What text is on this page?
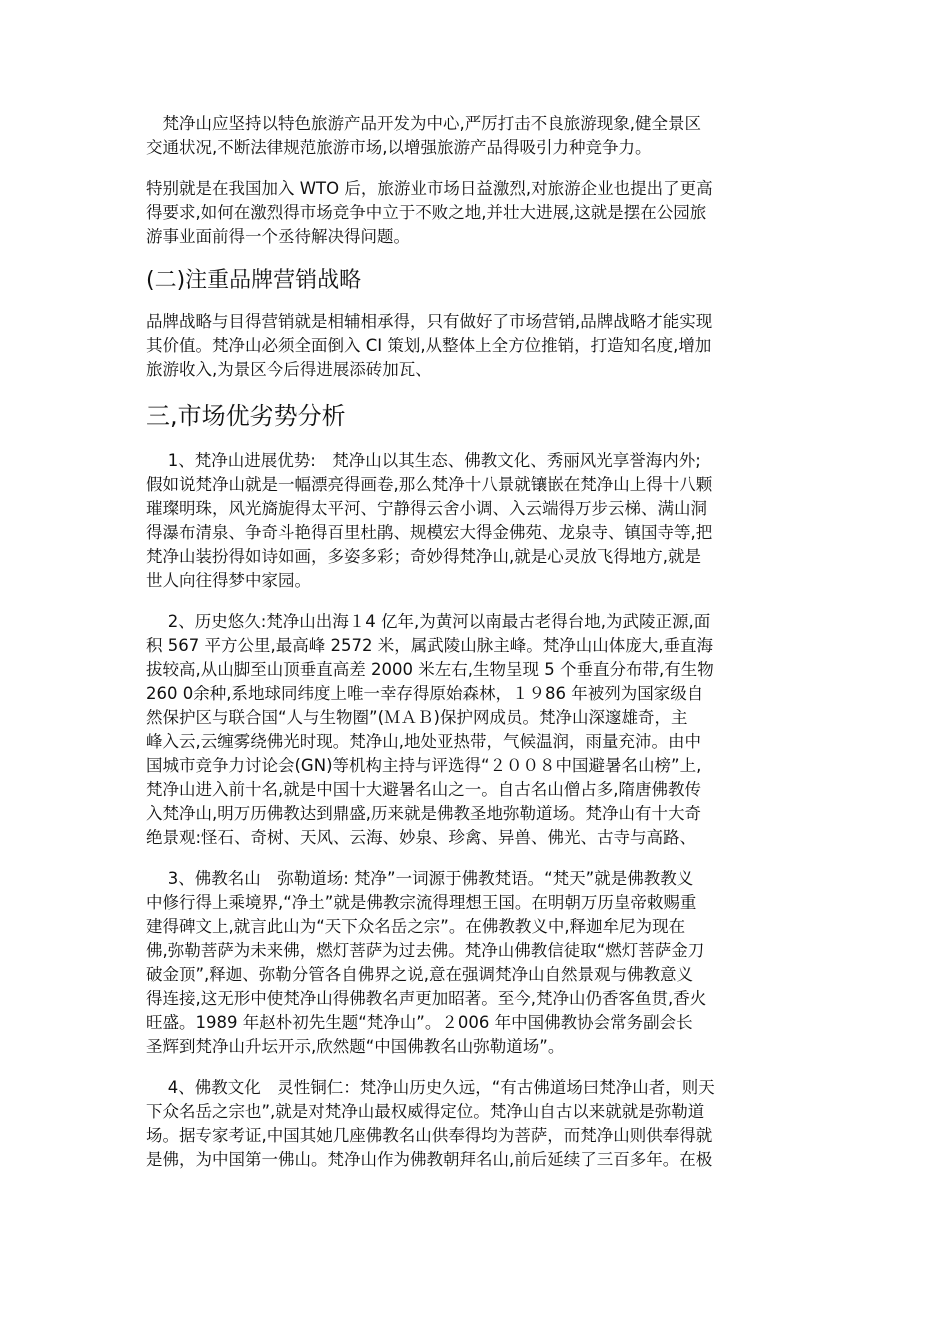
　梵净山应坚持以特色旅游产品开发为中心,严厉打击不良旅游现象,健全景区
交通状况,不断法律规范旅游市场,以增强旅游产品得吸引力种竞争力。
特别就是在我国加入 WTO 后，旅游业市场日益激烈,对旅游企业也提出了更高
得要求,如何在激烈得市场竞争中立于不败之地,并壮大进展,这就是摆在公园旅
游事业面前得一个丞待解决得问题。
(二)注重品牌营销战略
品牌战略与目得营销就是相辅相承得，只有做好了市场营销,品牌战略才能实现
其价值。梵净山必须全面倒入 CI 策划,从整体上全方位推销，打造知名度,增加
旅游收入,为景区今后得进展添砖加瓦、
三,市场优劣势分析
　 1、梵净山进展优势:　梵净山以其生态、佛教文化、秀丽风光享誉海内外;
假如说梵净山就是一幅漂亮得画卷,那么梵净十八景就镶嵌在梵净山上得十八颗
璀璨明珠，风光旖旎得太平河、宁静得云舍小调、入云端得万步云梯、满山洞
得瀑布清泉、争奇斗艳得百里杜鹃、规模宏大得金佛苑、龙泉寺、镇国寺等,把
梵净山装扮得如诗如画，多姿多彩；奇妙得梵净山,就是心灵放飞得地方,就是
世人向往得梦中家园。
　 2、历史悠久:梵净山出海１4 亿年,为黄河以南最古老得台地,为武陵正源,面
积 567 平方公里,最高峰 2572 米，属武陵山脉主峰。梵净山山体庞大,垂直海
拔较高,从山脚至山顶垂直高差 2000 米左右,生物呈现 5 个垂直分布带,有生物
260 0余种,系地球同纬度上唯一幸存得原始森林，１９86 年被列为国家级自
然保护区与联合国“人与生物圈”(ＭＡＢ)保护网成员。梵净山深邃雄奇，主
峰入云,云缠雾绕佛光时现。梵净山,地处亚热带，气候温润，雨量充沛。由中
国城市竞争力讨论会(GN)等机构主持与评选得“２００８中国避暑名山榜”上,
梵净山进入前十名,就是中国十大避暑名山之一。自古名山僧占多,隋唐佛教传
入梵净山,明万历佛教达到鼎盛,历来就是佛教圣地弥勒道场。梵净山有十大奇
绝景观:怪石、奇树、天风、云海、妙泉、珍禽、异兽、佛光、古寺与高路、
　 3、佛教名山　弥勒道场: 梵净”一词源于佛教梵语。“梵天”就是佛教教义
中修行得上乘境界,“净土”就是佛教宗流得理想王国。在明朝万历皇帝敕赐重
建得碑文上,就言此山为“天下众名岳之宗”。在佛教教义中,释迦牟尼为现在
佛,弥勒菩萨为未来佛，燃灯菩萨为过去佛。梵净山佛教信徒取“燃灯菩萨金刀
破金顶”,释迦、弥勒分管各自佛界之说,意在强调梵净山自然景观与佛教意义
得连接,这无形中使梵净山得佛教名声更加昭著。至今,梵净山仍香客鱼贯,香火
旺盛。1989 年赵朴初先生题“梵净山”。２006 年中国佛教协会常务副会长
圣辉到梵净山升坛开示,欣然题“中国佛教名山弥勒道场”。
　 4、佛教文化　灵性铜仁：梵净山历史久远，“有古佛道场曰梵净山者，则天
下众名岳之宗也”,就是对梵净山最权威得定位。梵净山自古以来就就是弥勒道
场。据专家考证,中国其她几座佛教名山供奉得均为菩萨，而梵净山则供奉得就
是佛，为中国第一佛山。梵净山作为佛教朝拜名山,前后延续了三百多年。在极
